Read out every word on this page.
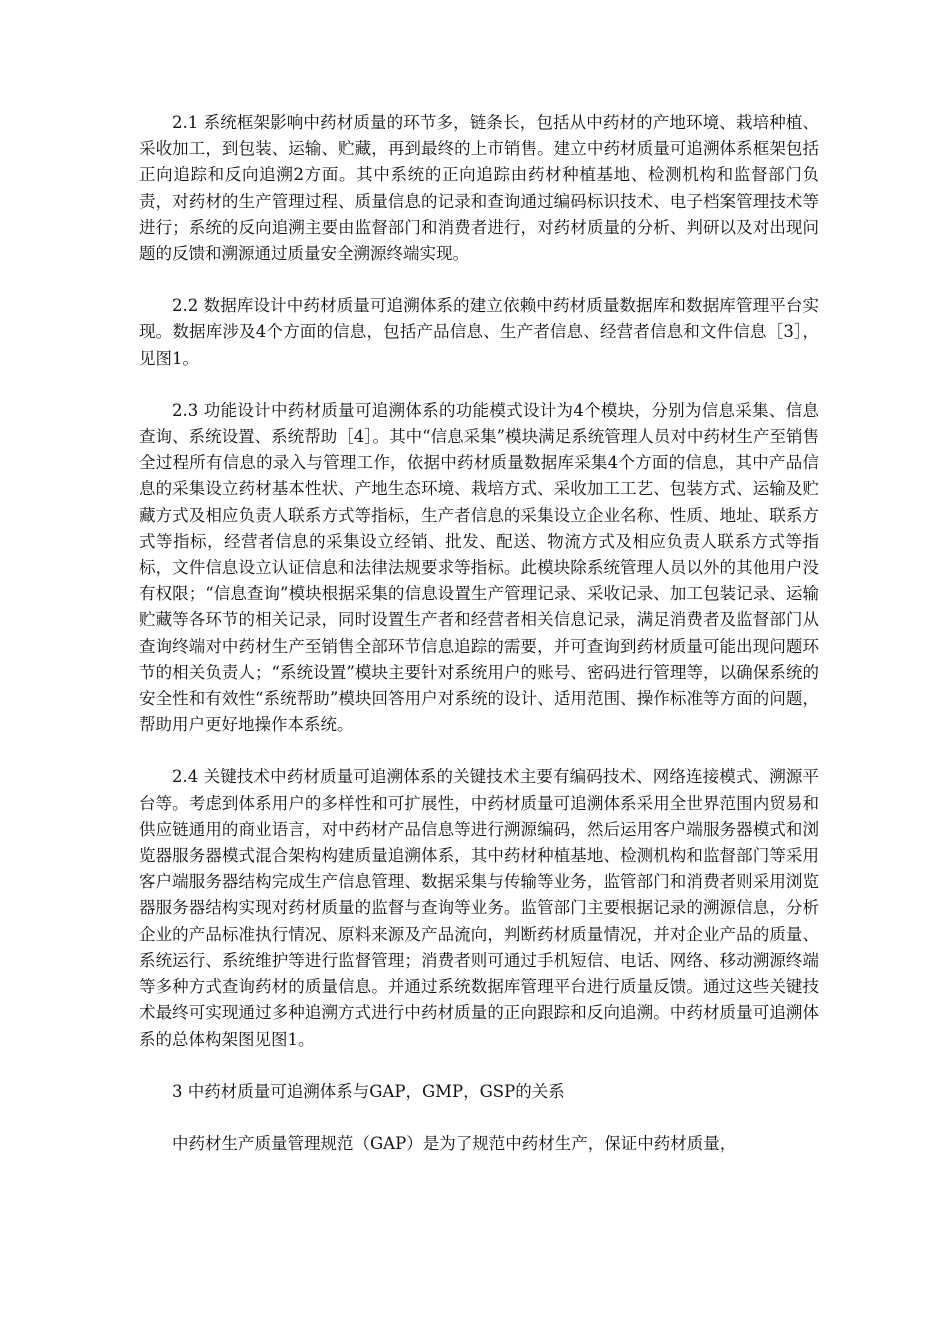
2.1 系统框架影响中药材质量的环节多，链条长，包括从中药材的产地环境、栽培种植、采收加工，到包装、运输、贮藏，再到最终的上市销售。建立中药材质量可追溯体系框架包括正向追踪和反向追溯2方面。其中系统的正向追踪由药材种植基地、检测机构和监督部门负责，对药材的生产管理过程、质量信息的记录和查询通过编码标识技术、电子档案管理技术等进行；系统的反向追溯主要由监督部门和消费者进行，对药材质量的分析、判研以及对出现问题的反馈和溯源通过质量安全溯源终端实现。

2.2 数据库设计中药材质量可追溯体系的建立依赖中药材质量数据库和数据库管理平台实现。数据库涉及4个方面的信息，包括产品信息、生产者信息、经营者信息和文件信息［3］，见图1。

2.3 功能设计中药材质量可追溯体系的功能模式设计为4个模块，分别为信息采集、信息查询、系统设置、系统帮助［4］。其中“信息采集”模块满足系统管理人员对中药材生产至销售全过程所有信息的录入与管理工作，依据中药材质量数据库采集4个方面的信息，其中产品信息的采集设立药材基本性状、产地生态环境、栽培方式、采收加工工艺、包装方式、运输及贮藏方式及相应负责人联系方式等指标，生产者信息的采集设立企业名称、性质、地址、联系方式等指标，经营者信息的采集设立经销、批发、配送、物流方式及相应负责人联系方式等指标，文件信息设立认证信息和法律法规要求等指标。此模块除系统管理人员以外的其他用户没有权限；“信息查询”模块根据采集的信息设置生产管理记录、采收记录、加工包装记录、运输贮藏等各环节的相关记录，同时设置生产者和经营者相关信息记录，满足消费者及监督部门从查询终端对中药材生产至销售全部环节信息追踪的需要，并可查询到药材质量可能出现问题环节的相关负责人；“系统设置”模块主要针对系统用户的账号、密码进行管理等，以确保系统的安全性和有效性“系统帮助”模块回答用户对系统的设计、适用范围、操作标准等方面的问题，帮助用户更好地操作本系统。

2.4 关键技术中药材质量可追溯体系的关键技术主要有编码技术、网络连接模式、溯源平台等。考虑到体系用户的多样性和可扩展性，中药材质量可追溯体系采用全世界范围内贸易和供应链通用的商业语言，对中药材产品信息等进行溯源编码，然后运用客户端服务器模式和浏览器服务器模式混合架构构建质量追溯体系，其中药材种植基地、检测机构和监督部门等采用客户端服务器结构完成生产信息管理、数据采集与传输等业务，监管部门和消费者则采用浏览器服务器结构实现对药材质量的监督与查询等业务。监管部门主要根据记录的溯源信息，分析企业的产品标准执行情况、原料来源及产品流向，判断药材质量情况，并对企业产品的质量、系统运行、系统维护等进行监督管理；消费者则可通过手机短信、电话、网络、移动溯源终端等多种方式查询药材的质量信息。并通过系统数据库管理平台进行质量反馈。通过这些关键技术最终可实现通过多种追溯方式进行中药材质量的正向跟踪和反向追溯。中药材质量可追溯体系的总体构架图见图1。

3 中药材质量可追溯体系与GAP，GMP，GSP的关系

中药材生产质量管理规范（GAP）是为了规范中药材生产，保证中药材质量，
